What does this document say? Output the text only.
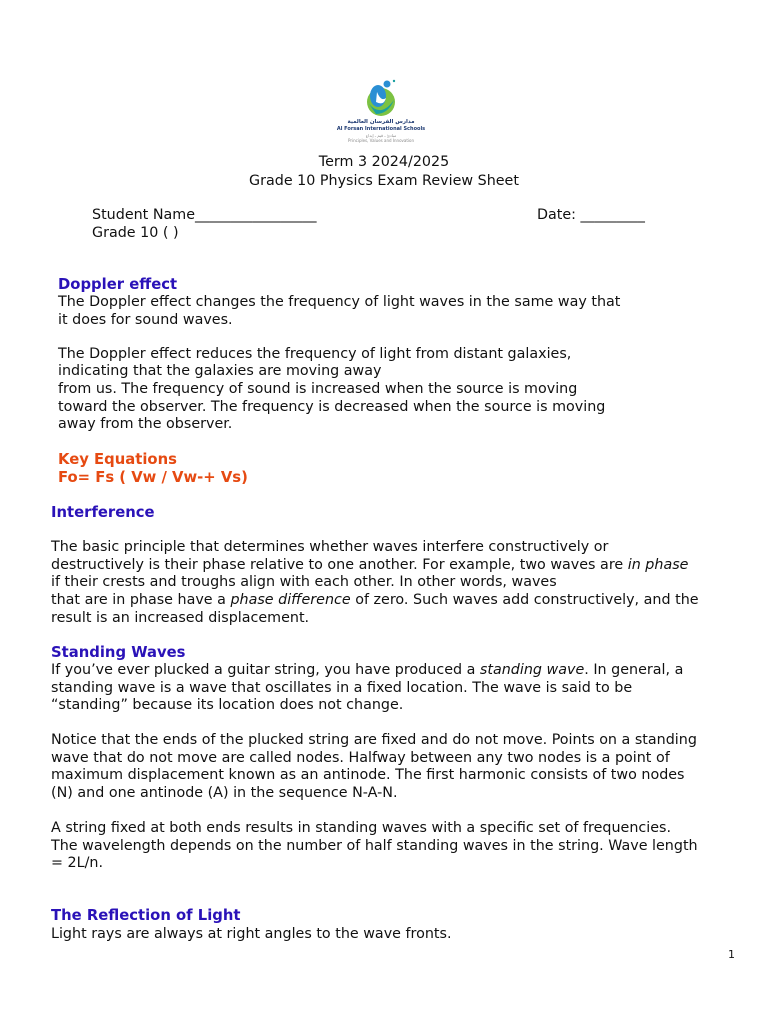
مدارس الفرسان العالمية
Al Forsan International Schools
مبادئ ـ قيم ـ إبداع
Principles, Values and Innovation
Term 3 2024/2025
Grade 10 Physics Exam Review Sheet
Student Name_________________	Date: _________
Grade 10 ( )
Doppler effect
The Doppler effect changes the frequency of light waves in the same way that
it does for sound waves.
The Doppler effect reduces the frequency of light from distant galaxies,
indicating that the galaxies are moving away
from us. The frequency of sound is increased when the source is moving
toward the observer. The frequency is decreased when the source is moving
away from the observer.
Key Equations
Fo= Fs ( Vw / Vw-+ Vs)
Interference
The basic principle that determines whether waves interfere constructively or
destructively is their phase relative to one another. For example, two waves are in phase
if their crests and troughs align with each other. In other words, waves
that are in phase have a phase difference of zero. Such waves add constructively, and the
result is an increased displacement.
Standing Waves
If you’ve ever plucked a guitar string, you have produced a standing wave. In general, a
standing wave is a wave that oscillates in a fixed location. The wave is said to be
“standing” because its location does not change.
Notice that the ends of the plucked string are fixed and do not move. Points on a standing
wave that do not move are called nodes. Halfway between any two nodes is a point of
maximum displacement known as an antinode. The first harmonic consists of two nodes
(N) and one antinode (A) in the sequence N-A-N.
A string fixed at both ends results in standing waves with a specific set of frequencies.
The wavelength depends on the number of half standing waves in the string. Wave length
= 2L/n.
The Reflection of Light
Light rays are always at right angles to the wave fronts.
1
